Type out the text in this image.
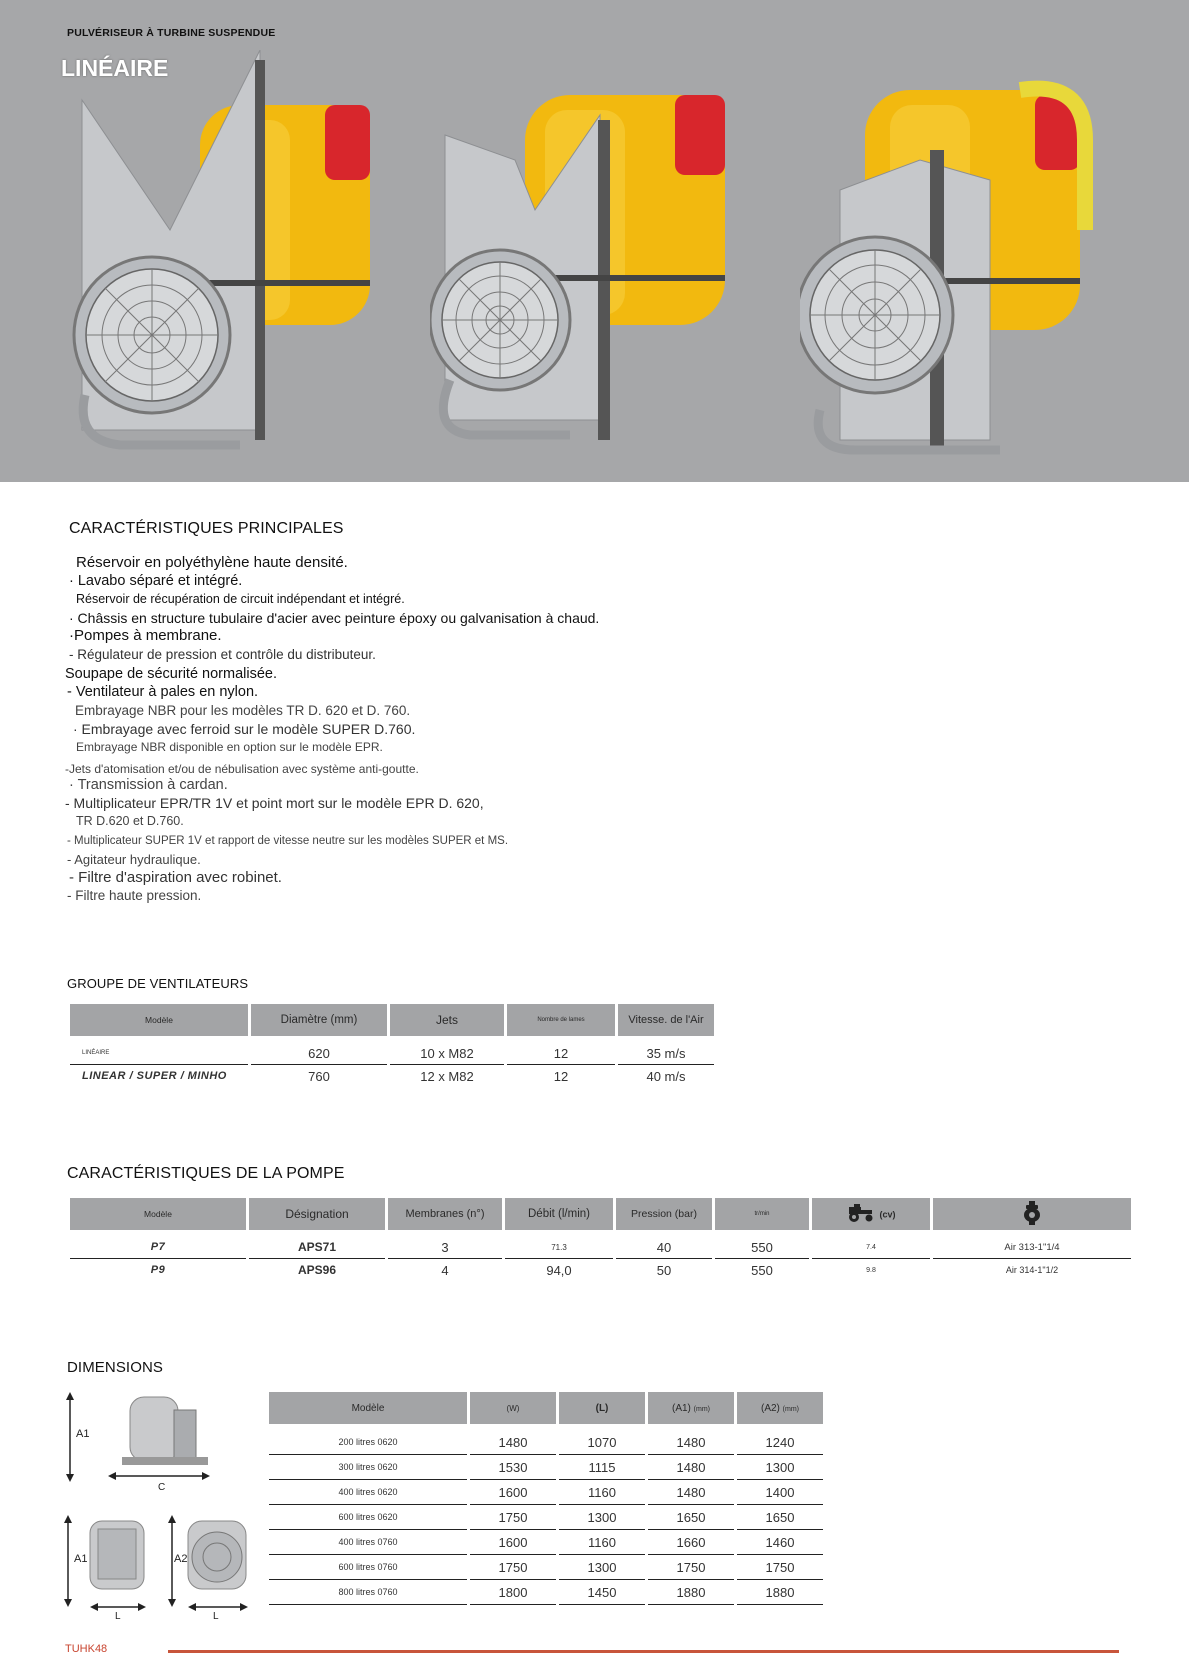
PULVÉRISEUR À TURBINE SUSPENDUE
LINÉAIRE
CARACTÉRISTIQUES PRINCIPALES
Réservoir en polyéthylène haute densité.
· Lavabo séparé et intégré.
Réservoir de récupération de circuit indépendant et intégré.
· Châssis en structure tubulaire d'acier avec peinture époxy ou galvanisation à chaud.
·Pompes à membrane.
- Régulateur de pression et contrôle du distributeur.
Soupape de sécurité normalisée.
- Ventilateur à pales en nylon.
Embrayage NBR pour les modèles TR D. 620 et D. 760.
· Embrayage avec ferroid sur le modèle SUPER D.760.
Embrayage NBR disponible en option sur le modèle EPR.
-Jets d'atomisation et/ou de nébulisation avec système anti-goutte.
· Transmission à cardan.
- Multiplicateur EPR/TR 1V et point mort sur le modèle EPR D. 620,
TR D.620 et D.760.
- Multiplicateur SUPER 1V et rapport de vitesse neutre sur les modèles SUPER et MS.
- Agitateur hydraulique.
- Filtre d'aspiration avec robinet.
- Filtre haute pression.
GROUPE DE VENTILATEURS
Modèle	Diamètre (mm)	Jets	Nombre de lames	Vitesse. de l'Air
LINÉAIRE	620	10 x M82	12	35 m/s
LINEAR / SUPER / MINHO	760	12 x M82	12	40 m/s
CARACTÉRISTIQUES DE LA POMPE
Modèle	Désignation	Membranes (n°)	Débit (l/min)	Pression (bar)	tr/min	(cv)	
P7	APS71	3	71.3	40	550	7.4	Air 313-1"1/4
P9	APS96	4	94,0	50	550	9.8	Air 314-1"1/2
DIMENSIONS
A1
C
A1
L
A2
L
Modèle	(W)	(L)	(A1) (mm)	(A2) (mm)
200 litres 0620	1480	1070	1480	1240
300 litres 0620	1530	1115	1480	1300
400 litres 0620	1600	1160	1480	1400
600 litres 0620	1750	1300	1650	1650
400 litres 0760	1600	1160	1660	1460
600 litres 0760	1750	1300	1750	1750
800 litres 0760	1800	1450	1880	1880
TUHK48
